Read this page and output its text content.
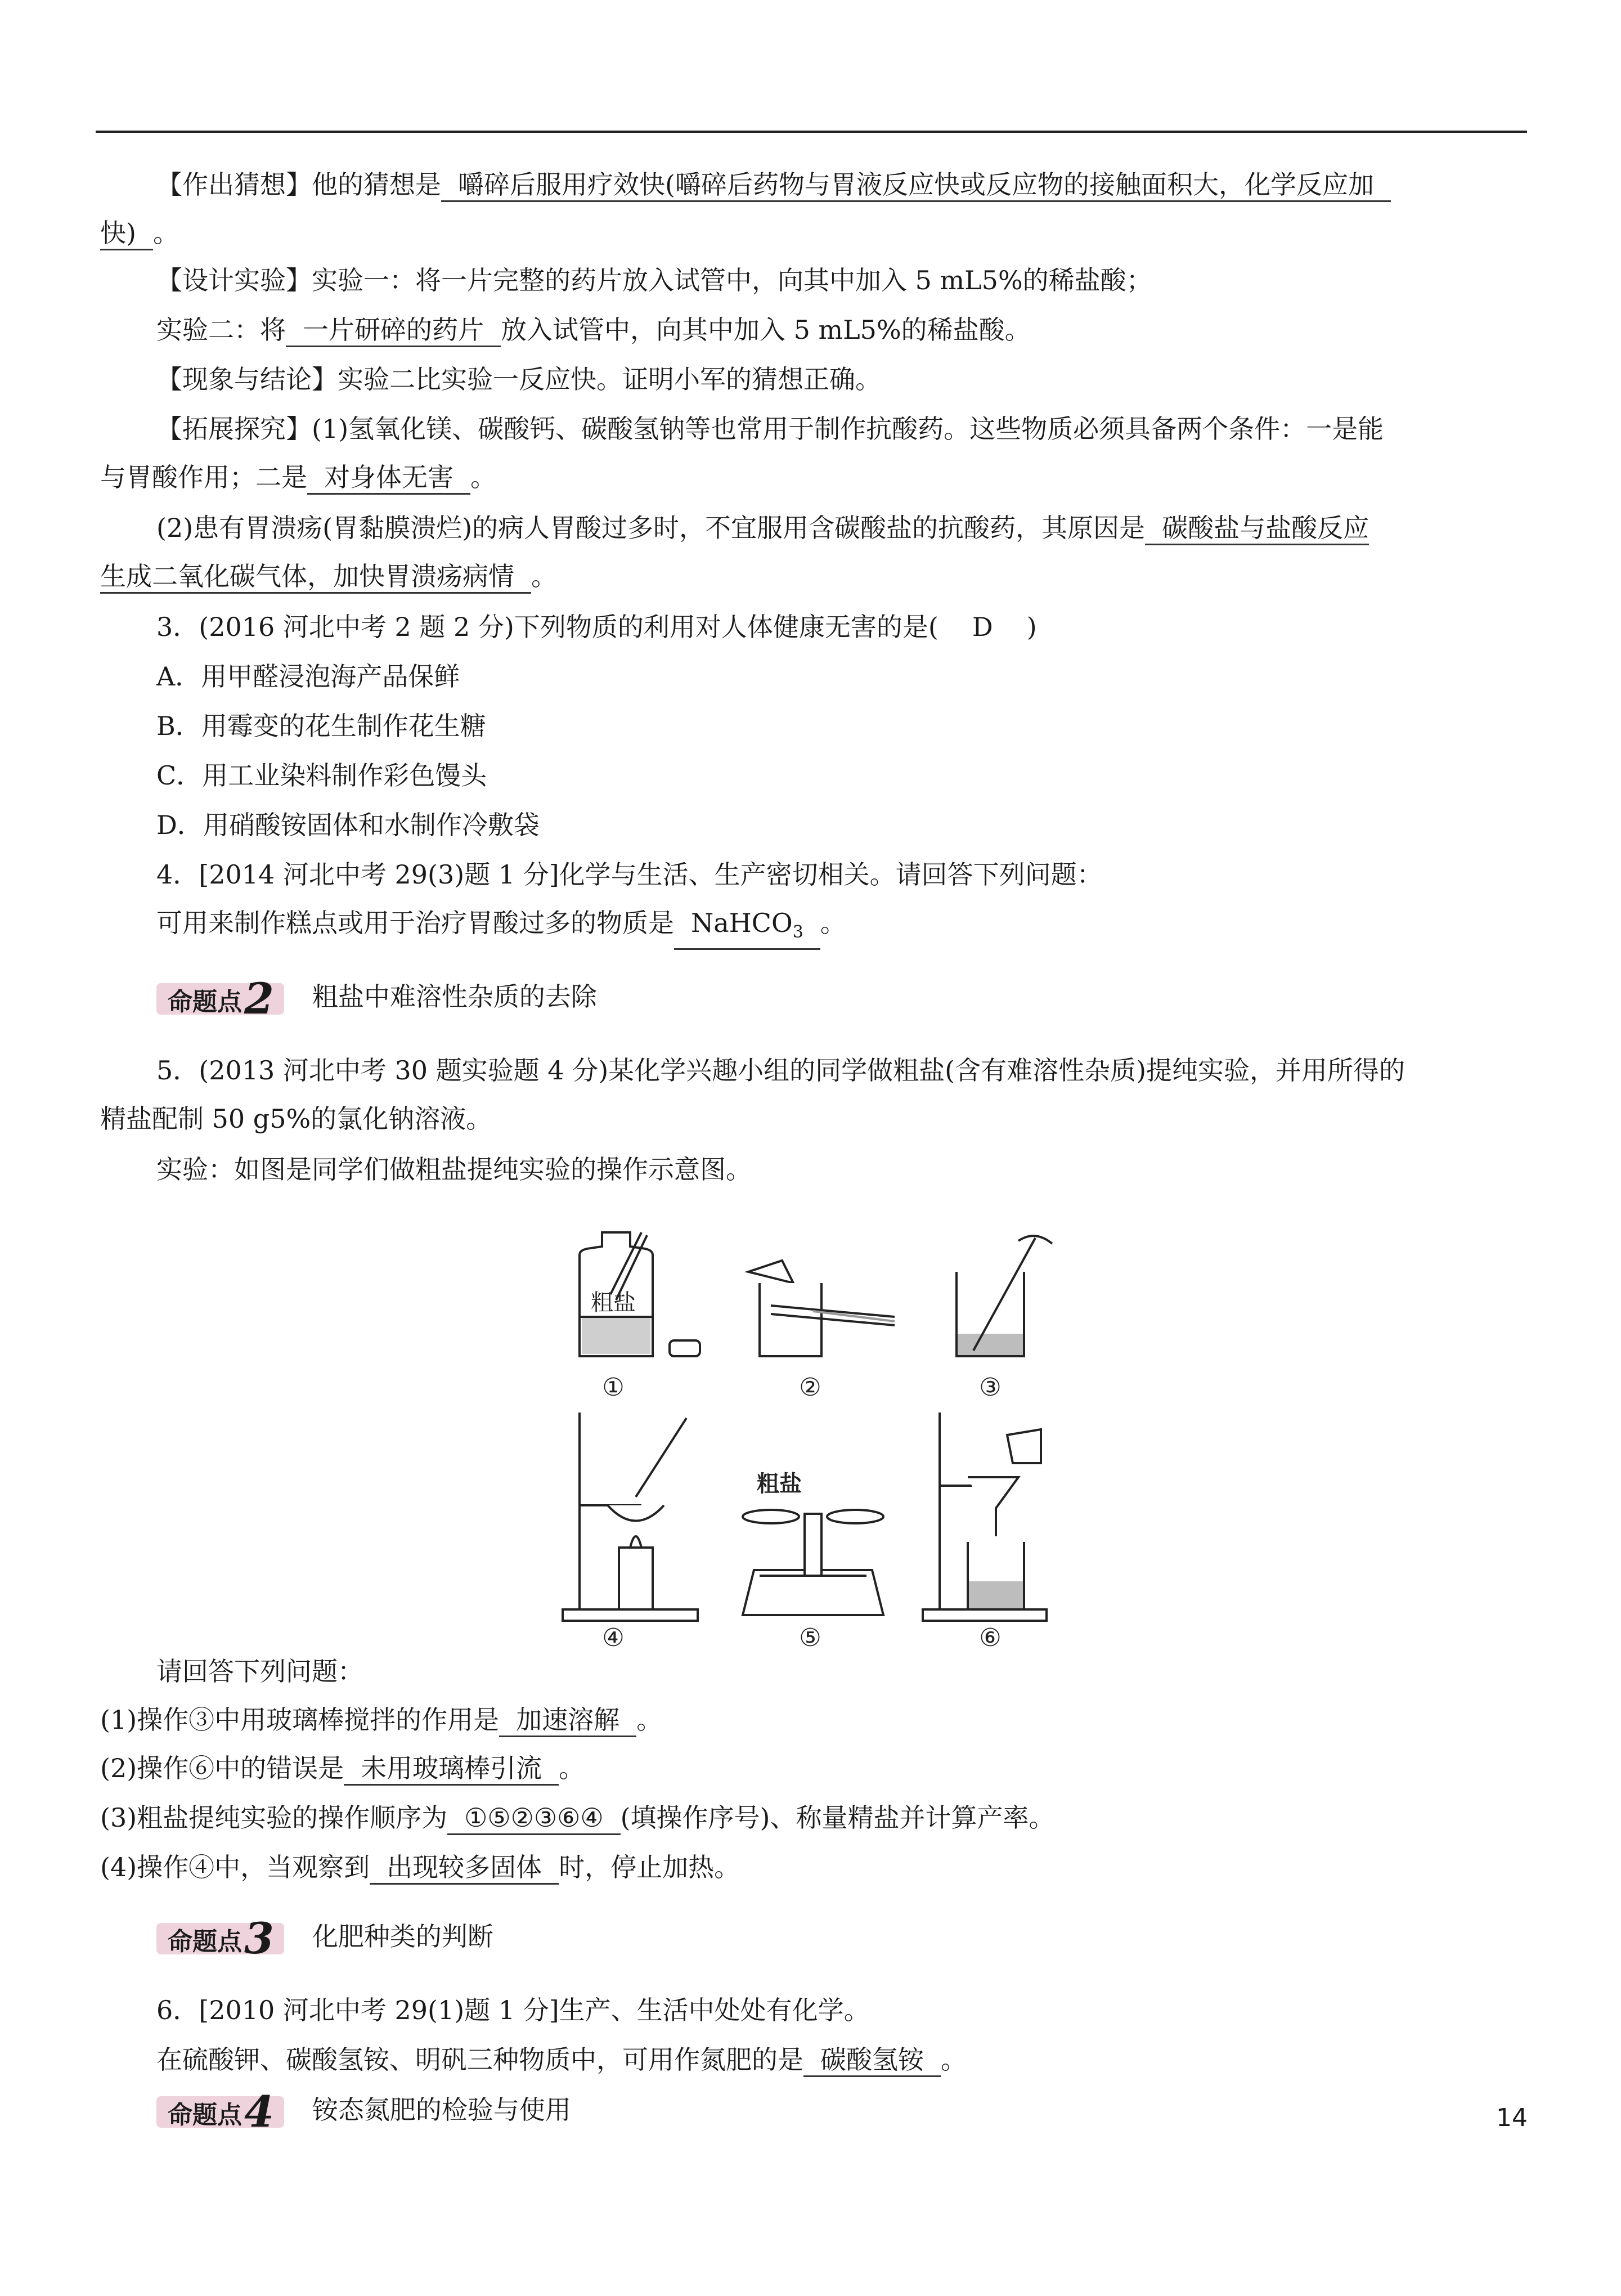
【作出猜想】他的猜想是 嚼碎后服用疗效快(嚼碎后药物与胃液反应快或反应物的接触面积大，化学反应加
快) 。
【设计实验】实验一：将一片完整的药片放入试管中，向其中加入 5 mL5%的稀盐酸；
实验二：将 一片研碎的药片 放入试管中，向其中加入 5 mL5%的稀盐酸。
【现象与结论】实验二比实验一反应快。证明小军的猜想正确。
【拓展探究】(1)氢氧化镁、碳酸钙、碳酸氢钠等也常用于制作抗酸药。这些物质必须具备两个条件：一是能
与胃酸作用；二是 对身体无害 。
(2)患有胃溃疡(胃黏膜溃烂)的病人胃酸过多时，不宜服用含碳酸盐的抗酸药，其原因是 碳酸盐与盐酸反应
生成二氧化碳气体，加快胃溃疡病情 。
3．(2016 河北中考 2 题 2 分)下列物质的利用对人体健康无害的是( D )
A．用甲醛浸泡海产品保鲜
B．用霉变的花生制作花生糖
C．用工业染料制作彩色馒头
D．用硝酸铵固体和水制作冷敷袋
4．[2014 河北中考 29(3)题 1 分]化学与生活、生产密切相关。请回答下列问题：
可用来制作糕点或用于治疗胃酸过多的物质是 NaHCO$_3$ 。
命题点2 粗盐中难溶性杂质的去除
5．(2013 河北中考 30 题实验题 4 分)某化学兴趣小组的同学做粗盐(含有难溶性杂质)提纯实验，并用所得的
精盐配制 50 g5%的氯化钠溶液。
实验：如图是同学们做粗盐提纯实验的操作示意图。
粗盐
①	②	③
粗盐
④	⑤	⑥
请回答下列问题：
(1)操作③中用玻璃棒搅拌的作用是 加速溶解 。
(2)操作⑥中的错误是 未用玻璃棒引流 。
(3)粗盐提纯实验的操作顺序为 ①⑤②③⑥④ (填操作序号)、称量精盐并计算产率。
(4)操作④中，当观察到 出现较多固体 时，停止加热。
命题点3 化肥种类的判断
6．[2010 河北中考 29(1)题 1 分]生产、生活中处处有化学。
在硫酸钾、碳酸氢铵、明矾三种物质中，可用作氮肥的是 碳酸氢铵 。
命题点4 铵态氮肥的检验与使用	14
